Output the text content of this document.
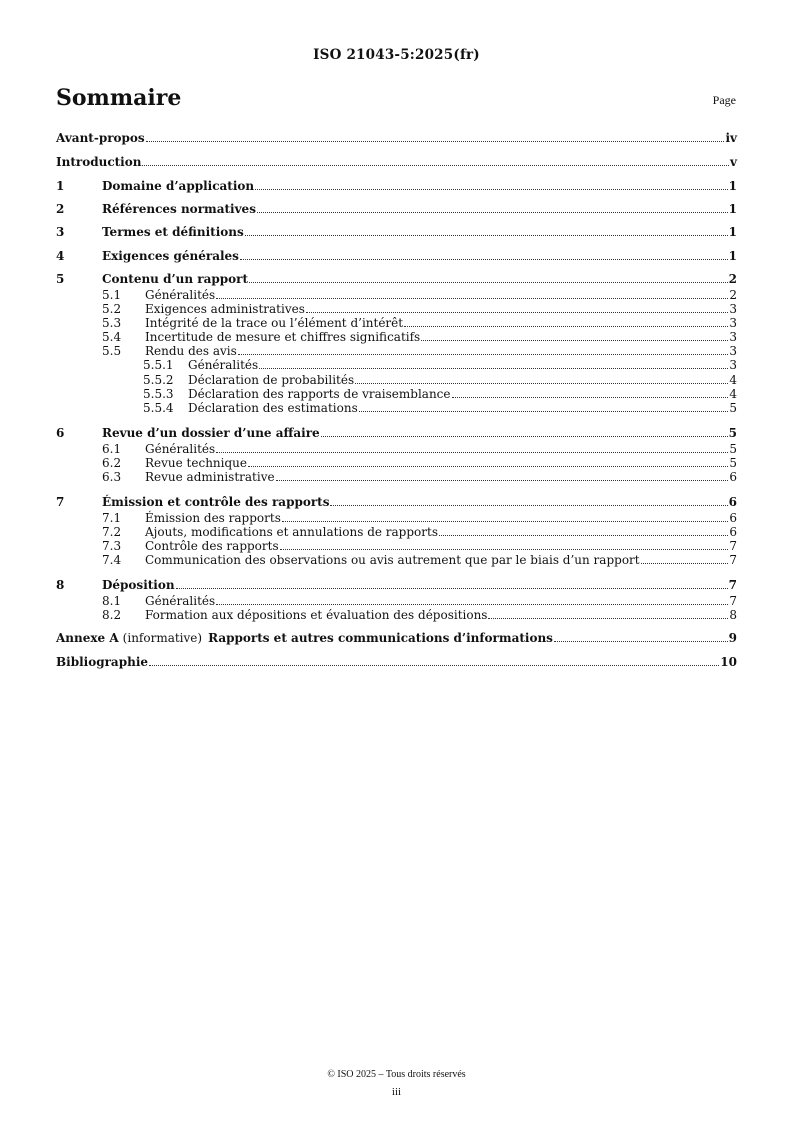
ISO 21043-5:2025(fr)
Sommaire	Page
Avant-propos	iv
Introduction	v
1	Domaine d’application	1
2	Références normatives	1
3	Termes et définitions	1
4	Exigences générales	1
5	Contenu d’un rapport	2
5.1	Généralités	2
5.2	Exigences administratives	3
5.3	Intégrité de la trace ou l’élément d’intérêt	3
5.4	Incertitude de mesure et chiffres significatifs	3
5.5	Rendu des avis	3
5.5.1	Généralités	3
5.5.2	Déclaration de probabilités	4
5.5.3	Déclaration des rapports de vraisemblance	4
5.5.4	Déclaration des estimations	5
6	Revue d’un dossier d’une affaire	5
6.1	Généralités	5
6.2	Revue technique	5
6.3	Revue administrative	6
7	Émission et contrôle des rapports	6
7.1	Émission des rapports	6
7.2	Ajouts, modifications et annulations de rapports	6
7.3	Contrôle des rapports	7
7.4	Communication des observations ou avis autrement que par le biais d’un rapport	7
8	Déposition	7
8.1	Généralités	7
8.2	Formation aux dépositions et évaluation des dépositions	8
Annexe A (informative) Rapports et autres communications d’informations	9
Bibliographie	10
© ISO 2025 – Tous droits réservés
iii
